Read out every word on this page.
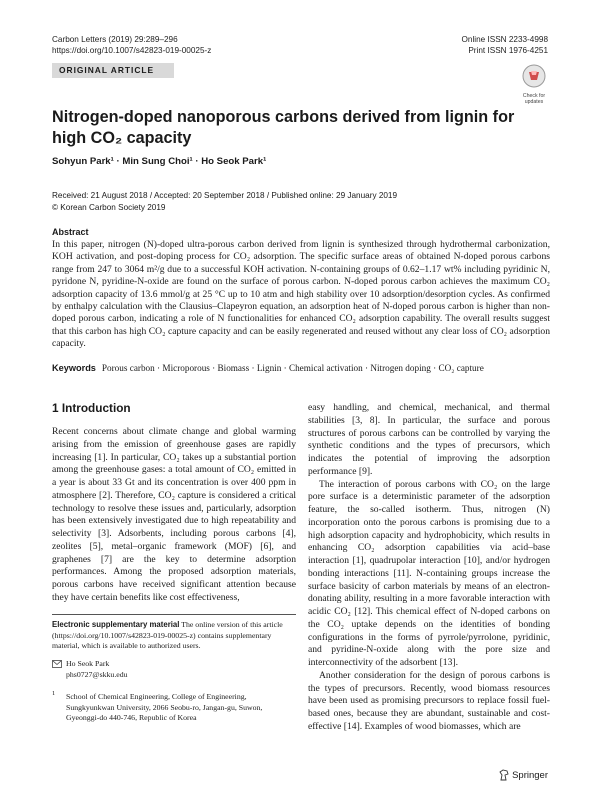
Carbon Letters (2019) 29:289–296
https://doi.org/10.1007/s42823-019-00025-z
Online ISSN 2233-4998
Print ISSN 1976-4251
ORIGINAL ARTICLE
Check for updates
Nitrogen-doped nanoporous carbons derived from lignin for high CO₂ capacity
Sohyun Park¹ · Min Sung Choi¹ · Ho Seok Park¹
Received: 21 August 2018 / Accepted: 20 September 2018 / Published online: 29 January 2019
© Korean Carbon Society 2019
Abstract
In this paper, nitrogen (N)-doped ultra-porous carbon derived from lignin is synthesized through hydrothermal carbonization, KOH activation, and post-doping process for CO₂ adsorption. The specific surface areas of obtained N-doped porous carbons range from 247 to 3064 m²/g due to a successful KOH activation. N-containing groups of 0.62–1.17 wt% including pyridinic N, pyridone N, pyridine-N-oxide are found on the surface of porous carbon. N-doped porous carbon achieves the maximum CO₂ adsorption capacity of 13.6 mmol/g at 25 °C up to 10 atm and high stability over 10 adsorption/desorption cycles. As confirmed by enthalpy calculation with the Clausius–Clapeyron equation, an adsorption heat of N-doped porous carbon is higher than non-doped porous carbon, indicating a role of N functionalities for enhanced CO₂ adsorption capability. The overall results suggest that this carbon has high CO₂ capture capacity and can be easily regenerated and reused without any clear loss of CO₂ adsorption capacity.
Keywords Porous carbon · Microporous · Biomass · Lignin · Chemical activation · Nitrogen doping · CO₂ capture
1 Introduction

Recent concerns about climate change and global warming arising from the emission of greenhouse gases are rapidly increasing [1]. In particular, CO₂ takes up a substantial portion among the greenhouse gases: a total amount of CO₂ emitted in a year is about 33 Gt and its concentration is over 400 ppm in atmosphere [2]. Therefore, CO₂ capture is considered a critical technology to resolve these issues and, particularly, adsorption has been extensively investigated due to high repeatability and selectivity [3]. Adsorbents, including porous carbons [4], zeolites [5], metal–organic framework (MOF) [6], and graphenes [7] are the key to determine adsorption performances. Among the proposed adsorption materials, porous carbons have received significant attention because they have certain benefits like cost effectiveness,

easy handling, and chemical, mechanical, and thermal stabilities [3, 8]. In particular, the surface and porous structures of porous carbons can be controlled by varying the synthetic conditions and the types of precursors, which indicates the potential of improving the adsorption performance [9].

The interaction of porous carbons with CO₂ on the large pore surface is a deterministic parameter of the adsorption feature, the so-called isotherm. Thus, nitrogen (N) incorporation onto the porous carbons is promising due to a high adsorption capacity and hydrophobicity, which results in enhancing CO₂ adsorption capabilities via acid–base interaction [1], quadrupolar interaction [10], and/or hydrogen bonding interactions [11]. N-containing groups increase the surface basicity of carbon materials by means of an electron-donating ability, resulting in a more favorable interaction with acidic CO₂ [12]. This chemical effect of N-doped carbons on the CO₂ uptake depends on the identities of bonding configurations in the forms of pyrrole/pyrrolone, pyridinic, and pyridine-N-oxide along with the pore size and interconnectivity of the adsorbent [13].

Another consideration for the design of porous carbons is the types of precursors. Recently, wood biomass resources have been used as promising precursors to replace fossil fuel-based ones, because they are abundant, sustainable and cost-effective [14]. Examples of wood biomasses, which are

Electronic supplementary material The online version of this article (https://doi.org/10.1007/s42823-019-00025-z) contains supplementary material, which is available to authorized users.
Ho Seok Park
phs0727@skku.edu
1 School of Chemical Engineering, College of Engineering, Sungkyunkwan University, 2066 Seobu-ro, Jangan-gu, Suwon, Gyeonggi-do 440-746, Republic of Korea
Springer
